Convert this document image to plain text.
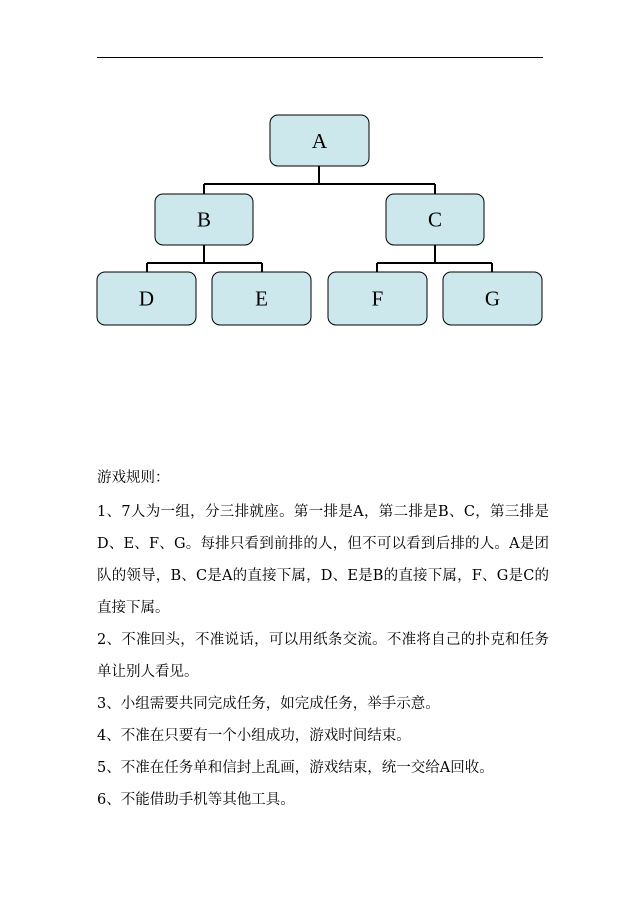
A
B	C
D	E	F	G

游戏规则：

1、7人为一组，分三排就座。第一排是A，第二排是B、C，第三排是D、E、F、G。每排只看到前排的人，但不可以看到后排的人。A是团队的领导，B、C是A的直接下属，D、E是B的直接下属，F、G是C的直接下属。

2、不准回头，不准说话，可以用纸条交流。不准将自己的扑克和任务单让别人看见。

3、小组需要共同完成任务，如完成任务，举手示意。

4、不准在只要有一个小组成功，游戏时间结束。

5、不准在任务单和信封上乱画，游戏结束，统一交给A回收。

6、不能借助手机等其他工具。
